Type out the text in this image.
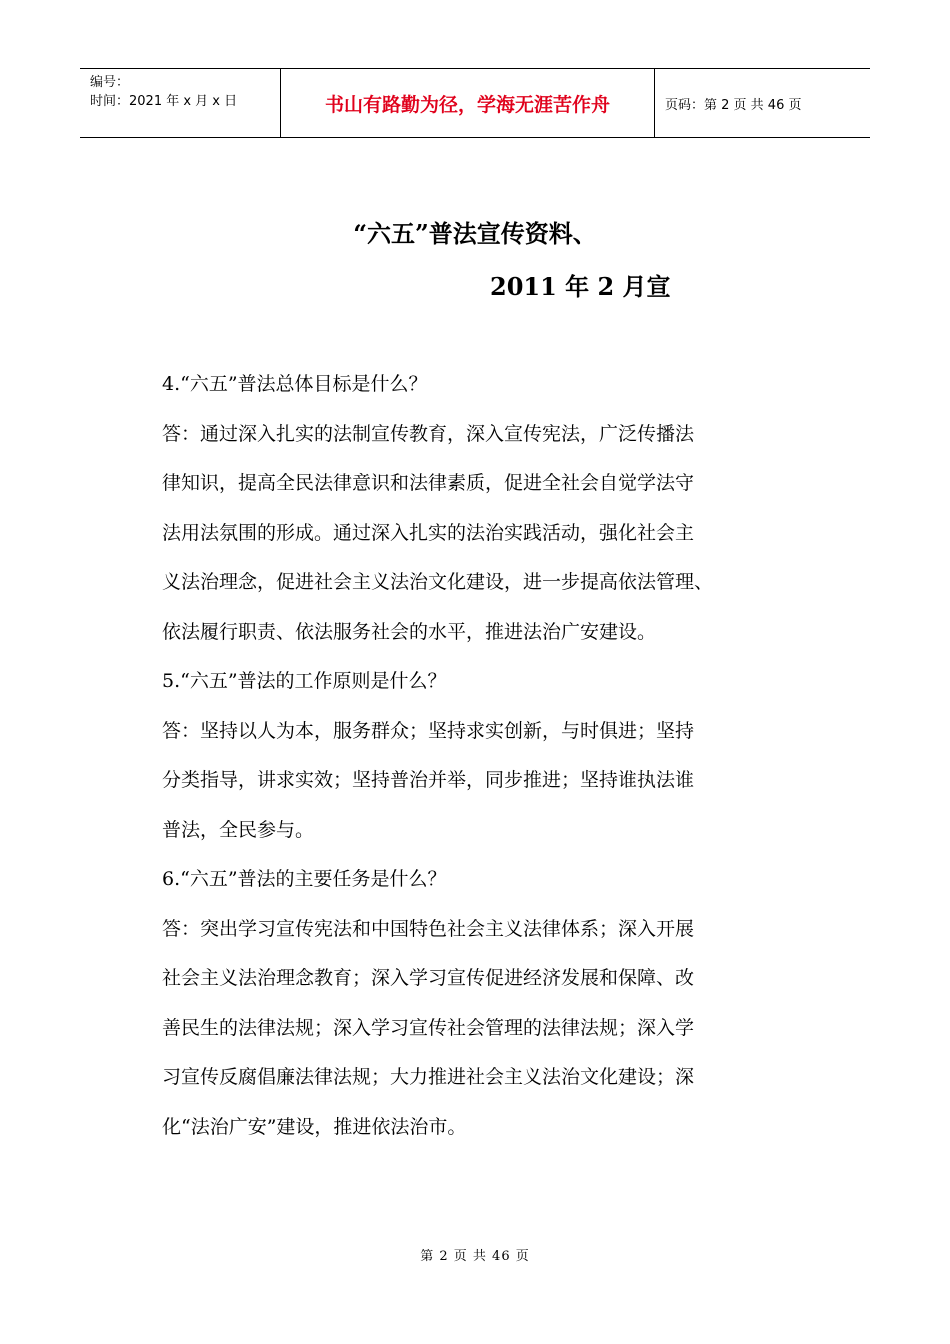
编号：
时间：2021 年 x 月 x 日	书山有路勤为径，学海无涯苦作舟	页码：第 2 页 共 46 页
“六五”普法宣传资料、
2011 年 2 月宣

4.“六五”普法总体目标是什么？

答：通过深入扎实的法制宣传教育，深入宣传宪法，广泛传播法

律知识，提高全民法律意识和法律素质，促进全社会自觉学法守

法用法氛围的形成。通过深入扎实的法治实践活动，强化社会主

义法治理念，促进社会主义法治文化建设，进一步提高依法管理、

依法履行职责、依法服务社会的水平，推进法治广安建设。

5.“六五”普法的工作原则是什么？

答：坚持以人为本，服务群众；坚持求实创新，与时俱进；坚持

分类指导，讲求实效；坚持普治并举，同步推进；坚持谁执法谁

普法，全民参与。

6.“六五”普法的主要任务是什么？

答：突出学习宣传宪法和中国特色社会主义法律体系；深入开展

社会主义法治理念教育；深入学习宣传促进经济发展和保障、改

善民生的法律法规；深入学习宣传社会管理的法律法规；深入学

习宣传反腐倡廉法律法规；大力推进社会主义法治文化建设；深

化“法治广安”建设，推进依法治市。

第 2 页 共 46 页
